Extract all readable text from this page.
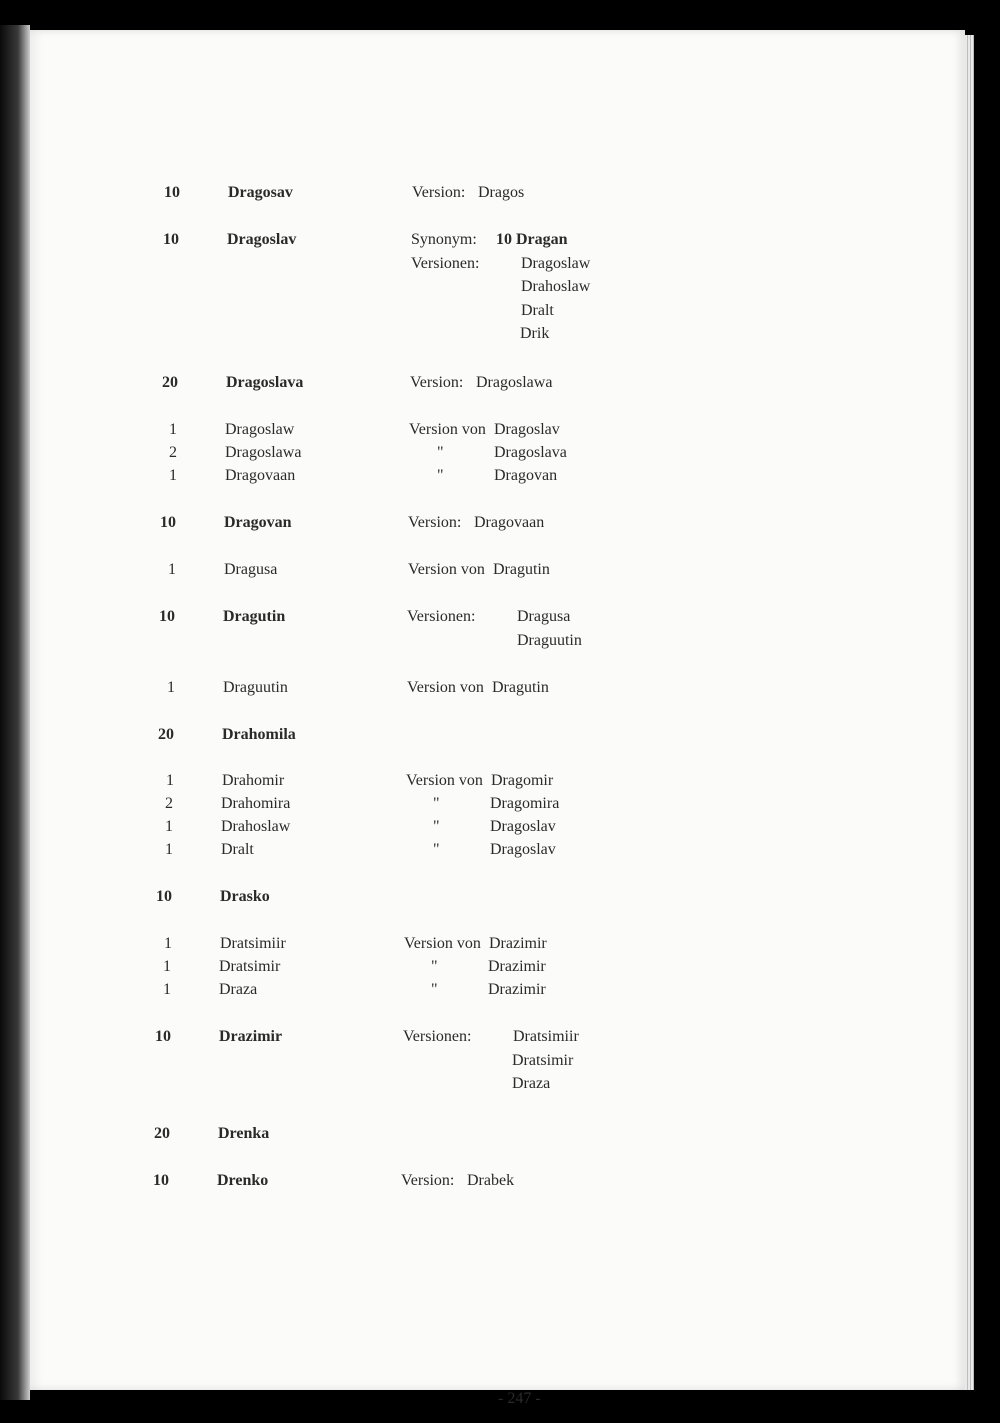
10	Dragosav	Version: Dragos
10	Dragoslav	Synonym: 10 Dragan
Versionen:	Dragoslaw
Drahoslaw
Dralt
Drik
20	Dragoslava	Version: Dragoslawa
1	Dragoslaw	Version von Dragoslav
2	Dragoslawa	"	Dragoslava
1	Dragovaan	"	Dragovan
10	Dragovan	Version: Dragovaan
1	Dragusa	Version von Dragutin
10	Dragutin	Versionen:	Dragusa
Draguutin
1	Draguutin	Version von Dragutin
20	Drahomila
1	Drahomir	Version von Dragomir
2	Drahomira	"	Dragomira
1	Drahoslaw	"	Dragoslav
1	Dralt	"	Dragoslav
10	Drasko
1	Dratsimiir	Version von Drazimir
1	Dratsimir	"	Drazimir
1	Draza	"	Drazimir
10	Drazimir	Versionen:	Dratsimiir
Dratsimir
Draza
20	Drenka
10	Drenko	Version: Drabek
- 247 -
